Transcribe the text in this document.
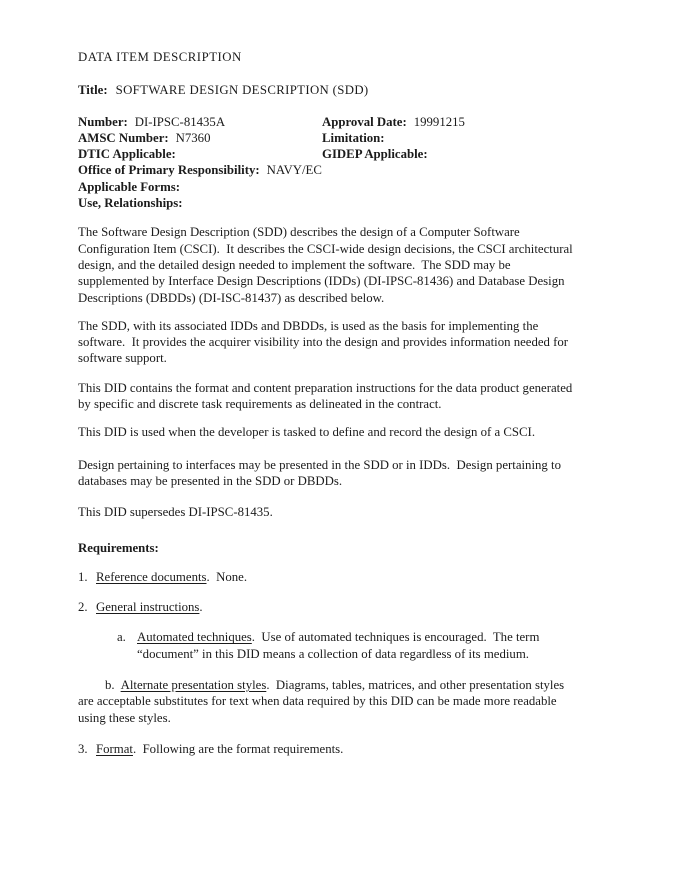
DATA ITEM DESCRIPTION
Title: SOFTWARE DESIGN DESCRIPTION (SDD)
Number: DI-IPSC-81435A	Approval Date: 19991215
AMSC Number: N7360	Limitation:
DTIC Applicable:	GIDEP Applicable:
Office of Primary Responsibility: NAVY/EC
Applicable Forms:
Use, Relationships:
The Software Design Description (SDD) describes the design of a Computer Software
Configuration Item (CSCI).  It describes the CSCI-wide design decisions, the CSCI architectural
design, and the detailed design needed to implement the software.  The SDD may be
supplemented by Interface Design Descriptions (IDDs) (DI-IPSC-81436) and Database Design
Descriptions (DBDDs) (DI-ISC-81437) as described below.
The SDD, with its associated IDDs and DBDDs, is used as the basis for implementing the
software.  It provides the acquirer visibility into the design and provides information needed for
software support.
This DID contains the format and content preparation instructions for the data product generated
by specific and discrete task requirements as delineated in the contract.
This DID is used when the developer is tasked to define and record the design of a CSCI.
Design pertaining to interfaces may be presented in the SDD or in IDDs.  Design pertaining to
databases may be presented in the SDD or DBDDs.
This DID supersedes DI-IPSC-81435.
Requirements:
1. Reference documents.  None.
2. General instructions.
a. Automated techniques.  Use of automated techniques is encouraged.  The term
“document” in this DID means a collection of data regardless of its medium.
b. Alternate presentation styles.  Diagrams, tables, matrices, and other presentation styles
are acceptable substitutes for text when data required by this DID can be made more readable
using these styles.
3. Format.  Following are the format requirements.
